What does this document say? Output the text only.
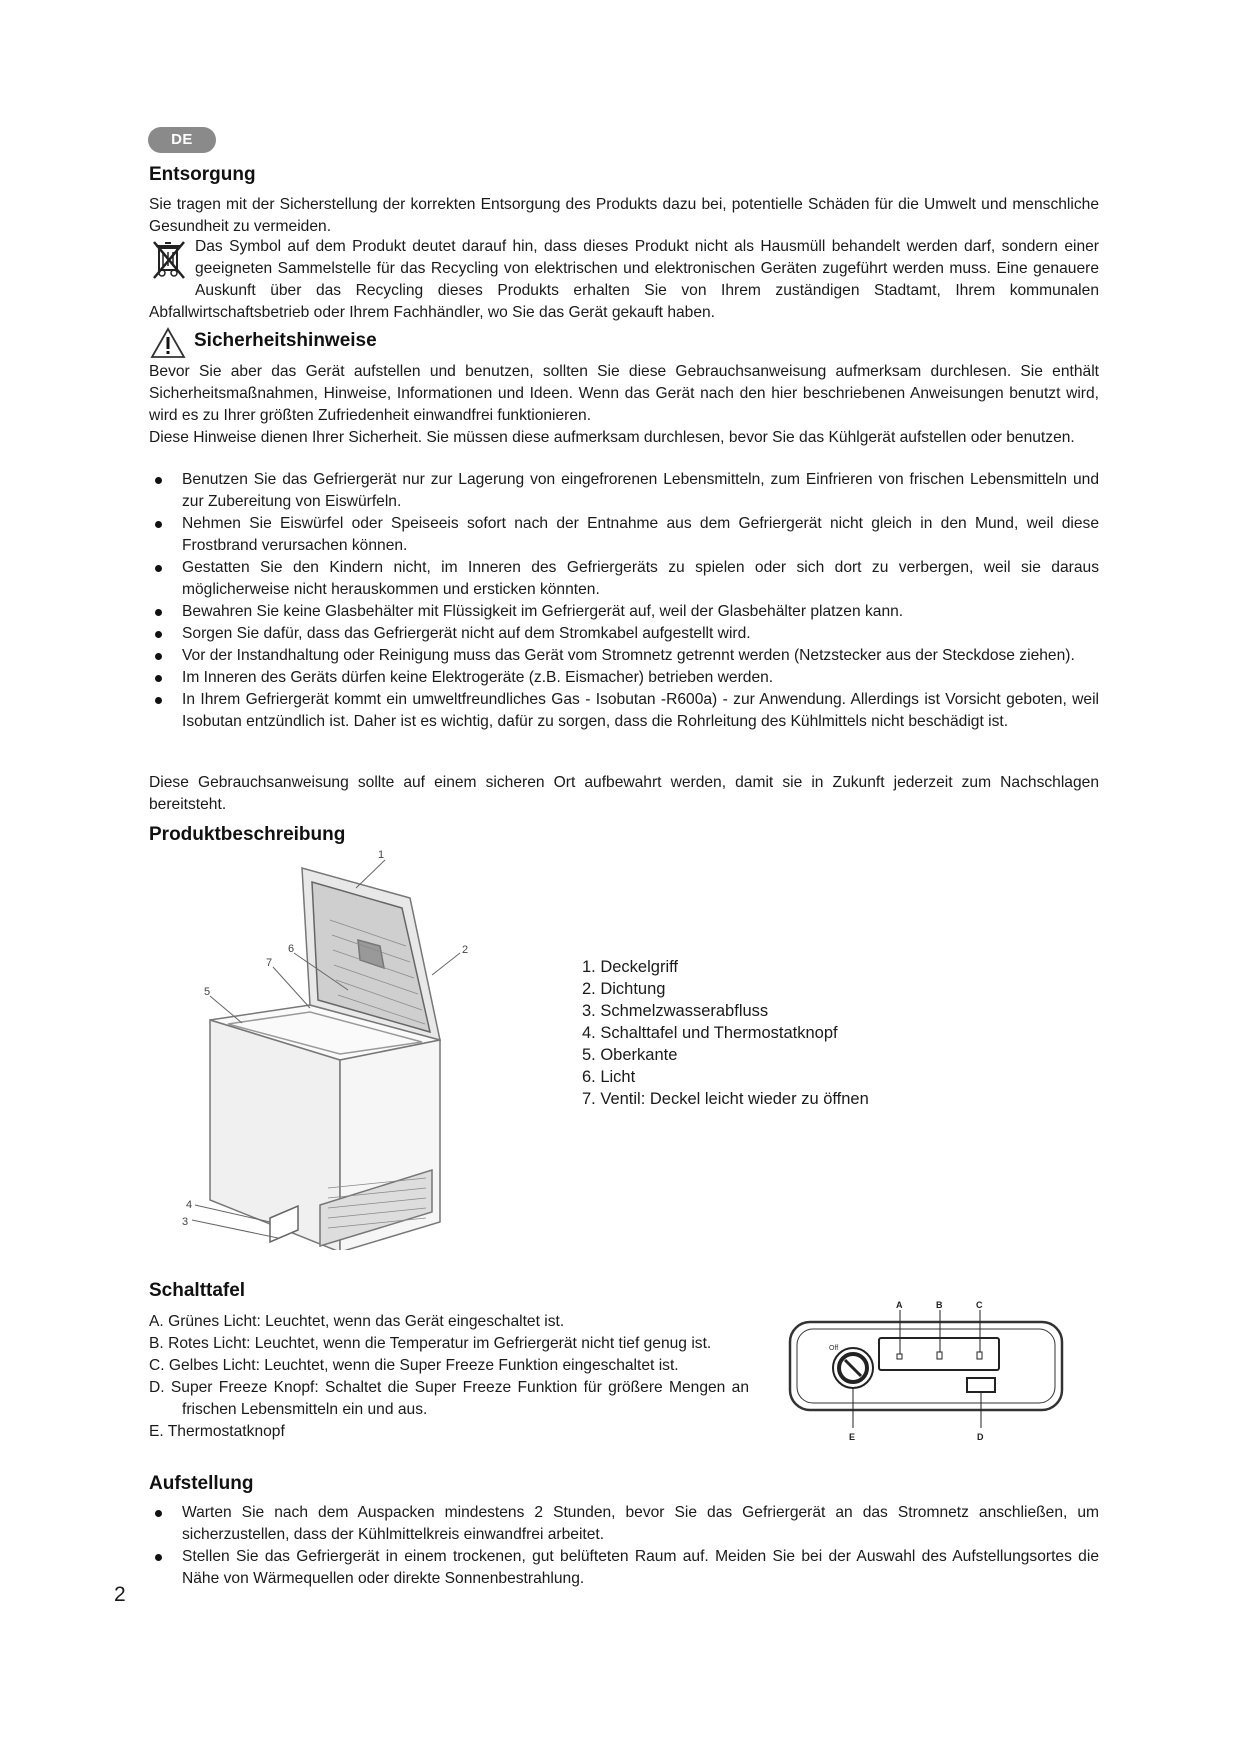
DE
Entsorgung

Sie tragen mit der Sicherstellung der korrekten Entsorgung des Produkts dazu bei, potentielle Schäden für die Umwelt und menschliche Gesundheit zu vermeiden.

Das Symbol auf dem Produkt deutet darauf hin, dass dieses Produkt nicht als Hausmüll behandelt werden darf, sondern einer geeigneten Sammelstelle für das Recycling von elektrischen und elektronischen Geräten zugeführt werden muss. Eine genauere Auskunft über das Recycling dieses Produkts erhalten Sie von Ihrem zuständigen Stadtamt, Ihrem kommunalen Abfallwirtschaftsbetrieb oder Ihrem Fachhändler, wo Sie das Gerät gekauft haben.

Sicherheitshinweise

Bevor Sie aber das Gerät aufstellen und benutzen, sollten Sie diese Gebrauchsanweisung aufmerksam durchlesen. Sie enthält Sicherheitsmaßnahmen, Hinweise, Informationen und Ideen. Wenn das Gerät nach den hier beschriebenen Anweisungen benutzt wird, wird es zu Ihrer größten Zufriedenheit einwandfrei funktionieren.

Diese Hinweise dienen Ihrer Sicherheit. Sie müssen diese aufmerksam durchlesen, bevor Sie das Kühlgerät aufstellen oder benutzen.

Benutzen Sie das Gefriergerät nur zur Lagerung von eingefrorenen Lebensmitteln, zum Einfrieren von frischen Lebensmitteln und zur Zubereitung von Eiswürfeln.
Nehmen Sie Eiswürfel oder Speiseeis sofort nach der Entnahme aus dem Gefriergerät nicht gleich in den Mund, weil diese Frostbrand verursachen können.
Gestatten Sie den Kindern nicht, im Inneren des Gefriergeräts zu spielen oder sich dort zu verbergen, weil sie daraus möglicherweise nicht herauskommen und ersticken könnten.
Bewahren Sie keine Glasbehälter mit Flüssigkeit im Gefriergerät auf, weil der Glasbehälter platzen kann.
Sorgen Sie dafür, dass das Gefriergerät nicht auf dem Stromkabel aufgestellt wird.
Vor der Instandhaltung oder Reinigung muss das Gerät vom Stromnetz getrennt werden (Netzstecker aus der Steckdose ziehen).
Im Inneren des Geräts dürfen keine Elektrogeräte (z.B. Eismacher) betrieben werden.
In Ihrem Gefriergerät kommt ein umweltfreundliches Gas - Isobutan -R600a) - zur Anwendung. Allerdings ist Vorsicht geboten, weil Isobutan entzündlich ist. Daher ist es wichtig, dafür zu sorgen, dass die Rohrleitung des Kühlmittels nicht beschädigt ist.

Diese Gebrauchsanweisung sollte auf einem sicheren Ort aufbewahrt werden, damit sie in Zukunft jederzeit zum Nachschlagen bereitsteht.

Produktbeschreibung
1
2
3
4
5
6
7	1. Deckelgriff
2. Dichtung
3. Schmelzwasserabfluss
4. Schalttafel und Thermostatknopf
5. Oberkante
6. Licht
7. Ventil: Deckel leicht wieder zu öffnen
Schalttafel
A. Grünes Licht: Leuchtet, wenn das Gerät eingeschaltet ist.
B. Rotes Licht: Leuchtet, wenn die Temperatur im Gefriergerät nicht tief genug ist.
C. Gelbes Licht: Leuchtet, wenn die Super Freeze Funktion eingeschaltet ist.
D. Super Freeze Knopf: Schaltet die Super Freeze Funktion für größere Mengen an frischen Lebensmitteln ein und aus.
E. Thermostatknopf
Off
A	B	C
D
E
Aufstellung
Warten Sie nach dem Auspacken mindestens 2 Stunden, bevor Sie das Gefriergerät an das Stromnetz anschließen, um sicherzustellen, dass der Kühlmittelkreis einwandfrei arbeitet.
Stellen Sie das Gefriergerät in einem trockenen, gut belüfteten Raum auf. Meiden Sie bei der Auswahl des Aufstellungsortes die Nähe von Wärmequellen oder direkte Sonnenbestrahlung.
2
